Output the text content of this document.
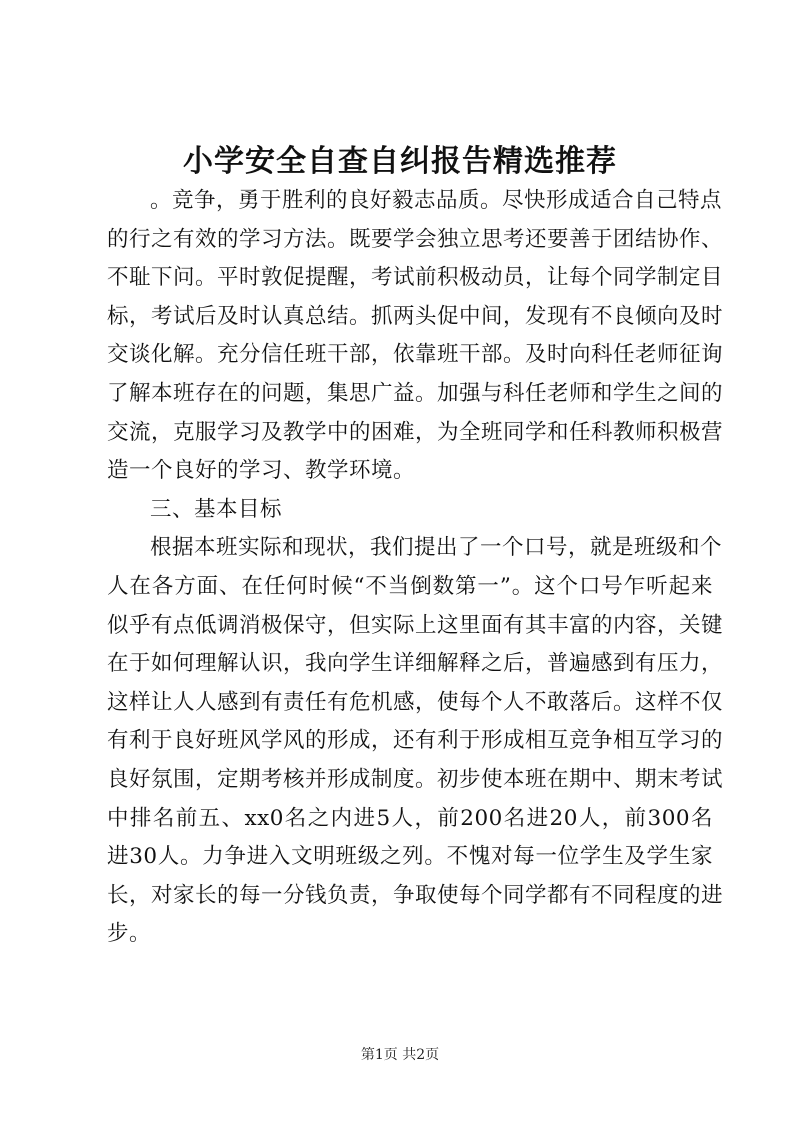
小学安全自查自纠报告精选推荐
。竞争，勇于胜利的良好毅志品质。尽快形成适合自己特点
的行之有效的学习方法。既要学会独立思考还要善于团结协作、
不耻下问。平时敦促提醒，考试前积极动员，让每个同学制定目
标，考试后及时认真总结。抓两头促中间，发现有不良倾向及时
交谈化解。充分信任班干部，依靠班干部。及时向科任老师征询
了解本班存在的问题，集思广益。加强与科任老师和学生之间的
交流，克服学习及教学中的困难，为全班同学和任科教师积极营
造一个良好的学习、教学环境。
三、基本目标
根据本班实际和现状，我们提出了一个口号，就是班级和个
人在各方面、在任何时候“不当倒数第一”。这个口号乍听起来
似乎有点低调消极保守，但实际上这里面有其丰富的内容，关键
在于如何理解认识，我向学生详细解释之后，普遍感到有压力，
这样让人人感到有责任有危机感，使每个人不敢落后。这样不仅
有利于良好班风学风的形成，还有利于形成相互竞争相互学习的
良好氛围，定期考核并形成制度。初步使本班在期中、期末考试
中排名前五、xx0名之内进5人，前200名进20人，前300名
进30人。力争进入文明班级之列。不愧对每一位学生及学生家
长，对家长的每一分钱负责，争取使每个同学都有不同程度的进
步。
第1页 共2页
